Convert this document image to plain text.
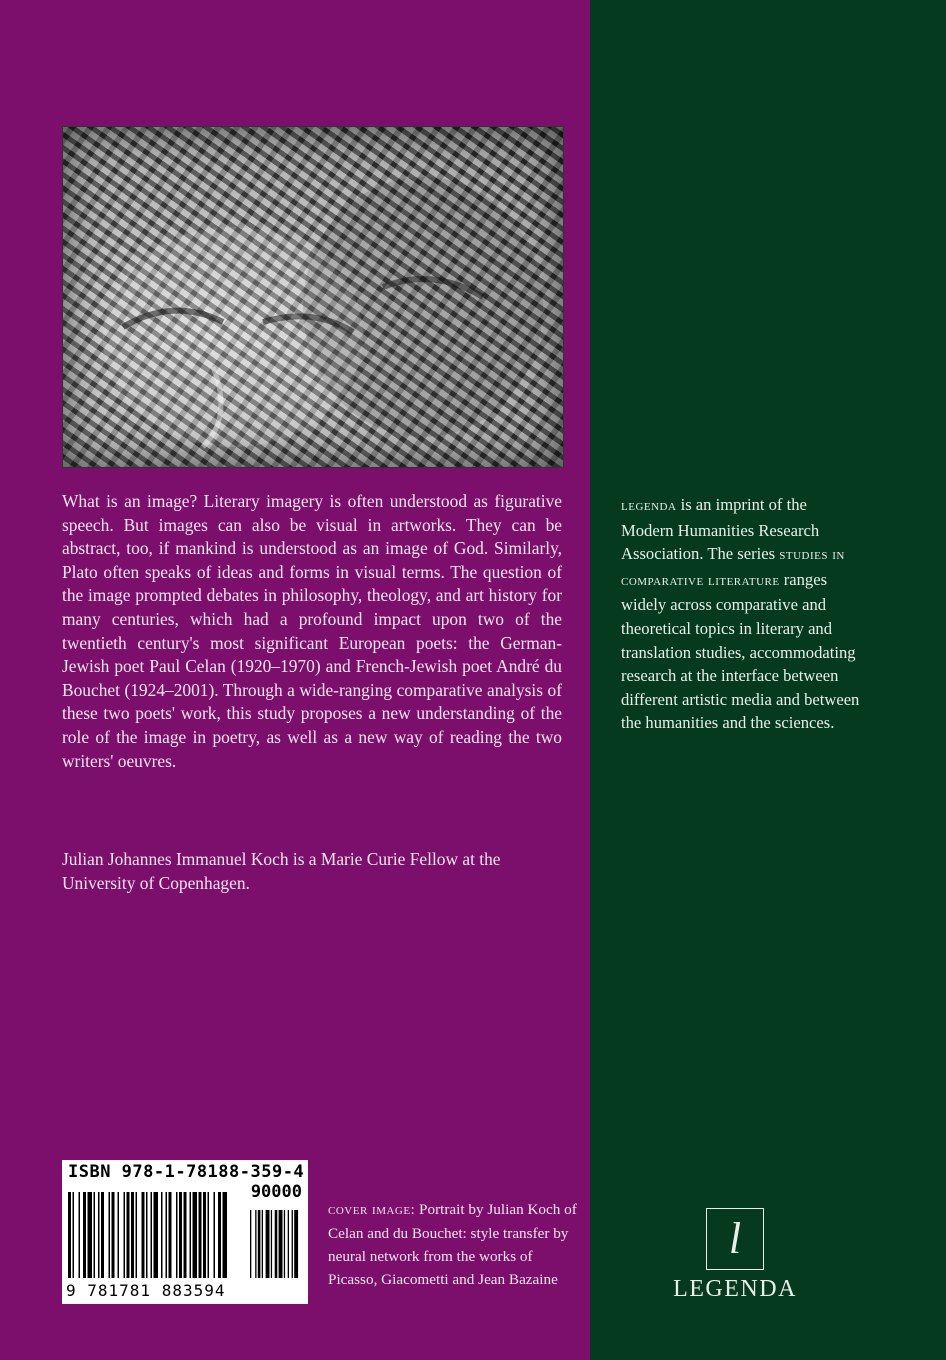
What is an image? Literary imagery is often understood as figurative speech. But images can also be visual in artworks. They can be abstract, too, if mankind is understood as an image of God. Similarly, Plato often speaks of ideas and forms in visual terms. The question of the image prompted debates in philosophy, theology, and art history for many centuries, which had a profound impact upon two of the twentieth century's most significant European poets: the German-Jewish poet Paul Celan (1920–1970) and French-Jewish poet André du Bouchet (1924–2001). Through a wide-ranging comparative analysis of these two poets' work, this study proposes a new understanding of the role of the image in poetry, as well as a new way of reading the two writers' oeuvres.

Julian Johannes Immanuel Koch is a Marie Curie Fellow at the University of Copenhagen.

legenda is an imprint of the Modern Humanities Research Association. The series studies in comparative literature ranges widely across comparative and theoretical topics in literary and translation studies, accommodating research at the interface between different artistic media and between the humanities and the sciences.

ISBN 978-1-78188-359-4
90000
9 781781 883594

cover image: Portrait by Julian Koch of Celan and du Bouchet: style transfer by neural network from the works of Picasso, Giacometti and Jean Bazaine

l
LEGENDA
